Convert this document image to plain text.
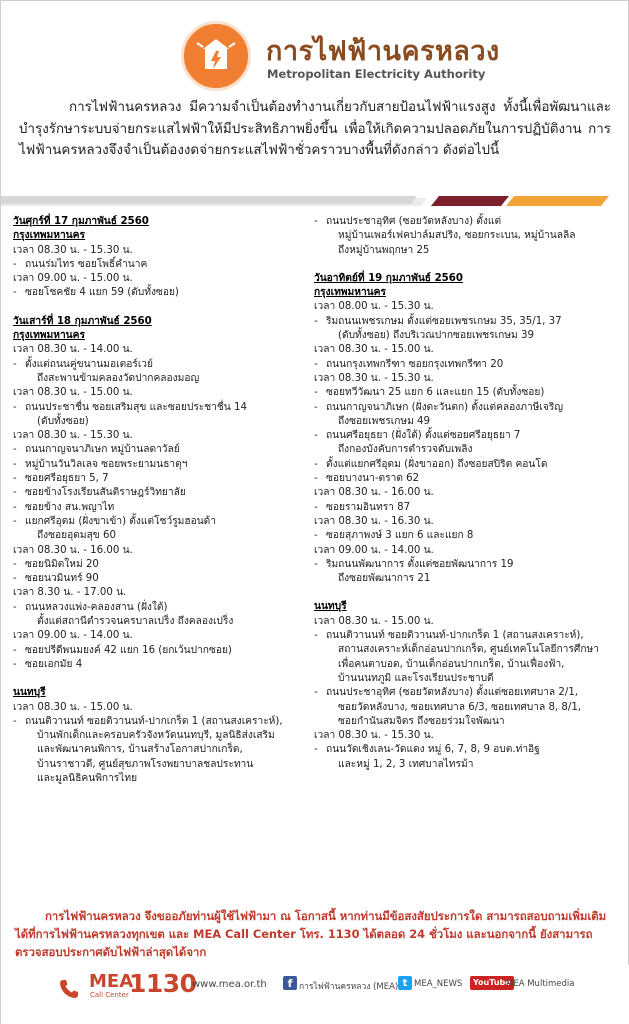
การไฟฟ้านครหลวง
Metropolitan Electricity Authority
การไฟฟ้านครหลวง มีความจำเป็นต้องทำงานเกี่ยวกับสายป้อนไฟฟ้าแรงสูง ทั้งนี้เพื่อพัฒนาและบำรุงรักษาระบบจ่ายกระแสไฟฟ้าให้มีประสิทธิภาพยิ่งขึ้น เพื่อให้เกิดความปลอดภัยในการปฏิบัติงาน การไฟฟ้านครหลวงจึงจำเป็นต้องงดจ่ายกระแสไฟฟ้าชั่วคราวบางพื้นที่ดังกล่าว ดังต่อไปนี้
วันศุกร์ที่ 17 กุมภาพันธ์ 2560
กรุงเทพมหานคร
เวลา 08.30 น. - 15.30 น.
- ถนนร่มไทร ซอยโพธิ์คำนาค
เวลา 09.00 น. - 15.00 น.
- ซอยโชคชัย 4 แยก 59 (ดับทั้งซอย)
วันเสาร์ที่ 18 กุมภาพันธ์ 2560
กรุงเทพมหานคร
เวลา 08.30 น. - 14.00 น.
- ตั้งแต่ถนนคู่ขนานมอเตอร์เวย์
ถึงสะพานข้ามคลองวัดปากคลองมอญ
เวลา 08.30 น. - 15.00 น.
- ถนนประชาชื่น ซอยเสริมสุข และซอยประชาชื่น 14
(ดับทั้งซอย)
เวลา 08.30 น. - 15.30 น.
- ถนนกาญจนาภิเษก หมู่บ้านลดาวัลย์
- หมู่บ้านวันวิลเลจ ซอยพระยามนธาตุฯ
- ซอยศรีอยุธยา 5, 7
- ซอยข้างโรงเรียนสันติราษฎร์วิทยาลัย
- ซอยข้าง สน.พญาไท
- แยกศรีอุดม (ฝั่งขาเข้า) ตั้งแต่โชว์รูมฮอนด้า
ถึงซอยอุดมสุข 60
เวลา 08.30 น. - 16.00 น.
- ซอยนิมิตใหม่ 20
- ซอยนวมินทร์ 90
เวลา 8.30 น. - 17.00 น.
- ถนนหลวงแพ่ง-คลองสาน (ฝั่งใต้)
ตั้งแต่สถานีตำรวจนครบาลเปร็ง ถึงคลองเปร็ง
เวลา 09.00 น. - 14.00 น.
- ซอยปรีดีพนมยงค์ 42 แยก 16 (ยกเว้นปากซอย)
- ซอยเอกมัย 4
นนทบุรี
เวลา 08.30 น. - 15.00 น.
- ถนนติวานนท์ ซอยติวานนท์-ปากเกร็ด 1 (สถานสงเคราะห์),
บ้านพักเด็กและครอบครัวจังหวัดนนทบุรี, มูลนิธิส่งเสริม
และพัฒนาคนพิการ, บ้านสร้างโอกาสปากเกร็ด,
บ้านราชาวดี, ศูนย์สุขภาพโรงพยาบาลชลประทาน
และมูลนิธิคนพิการไทย
- ถนนประชาอุทิศ (ซอยวัดหลังบาง) ตั้งแต่
หมู่บ้านเพอร์เฟคปาล์มสปริง, ซอยกระเบน, หมู่บ้านลลิล
ถึงหมู่บ้านพฤกษา 25
วันอาทิตย์ที่ 19 กุมภาพันธ์ 2560
กรุงเทพมหานคร
เวลา 08.00 น. - 15.30 น.
- ริมถนนเพชรเกษม ตั้งแต่ซอยเพชรเกษม 35, 35/1, 37
(ดับทั้งซอย) ถึงบริเวณปากซอยเพชรเกษม 39
เวลา 08.30 น. - 15.00 น.
- ถนนกรุงเทพกรีฑา ซอยกรุงเทพกรีฑา 20
เวลา 08.30 น. - 15.30 น.
- ซอยทวีวัฒนา 25 แยก 6 และแยก 15 (ดับทั้งซอย)
- ถนนกาญจนาภิเษก (ฝั่งตะวันตก) ตั้งแต่คลองภาษีเจริญ
ถึงซอยเพชรเกษม 49
- ถนนศรีอยุธยา (ฝั่งใต้) ตั้งแต่ซอยศรีอยุธยา 7
ถึงกองบังคับการตำรวจดับเพลิง
- ตั้งแต่แยกศรีอุดม (ฝั่งขาออก) ถึงซอยสปิริต คอนโด
- ซอยบางนา-ตราด 62
เวลา 08.30 น. - 16.00 น.
- ซอยรามอินทรา 87
เวลา 08.30 น. - 16.30 น.
- ซอยสุภาพงษ์ 3 แยก 6 และแยก 8
เวลา 09.00 น. - 14.00 น.
- ริมถนนพัฒนาการ ตั้งแต่ซอยพัฒนาการ 19
ถึงซอยพัฒนาการ 21
นนทบุรี
เวลา 08.30 น. - 15.00 น.
- ถนนติวานนท์ ซอยติวานนท์-ปากเกร็ด 1 (สถานสงเคราะห์),
สถานสงเคราะห์เด็กอ่อนปากเกร็ด, ศูนย์เทคโนโลยีการศึกษา
เพื่อคนตาบอด, บ้านเด็กอ่อนปากเกร็ด, บ้านเฟื่องฟ้า,
บ้านนนทภูมิ และโรงเรียนประชาบดี
- ถนนประชาอุทิศ (ซอยวัดหลังบาง) ตั้งแต่ซอยเทศบาล 2/1,
ซอยวัดหลังบาง, ซอยเทศบาล 6/3, ซอยเทศบาล 8, 8/1,
ซอยกำนันสมจิตร ถึงซอยร่วมใจพัฒนา
เวลา 08.30 น. - 15.30 น.
- ถนนวัดเชิงเลน-วัดแดง หมู่ 6, 7, 8, 9 อบต.ท่าอิฐ
และหมู่ 1, 2, 3 เทศบาลไทรม้า
การไฟฟ้านครหลวง จึงขออภัยท่านผู้ใช้ไฟฟ้ามา ณ โอกาสนี้ หากท่านมีข้อสงสัยประการใด สามารถสอบถามเพิ่มเติมได้ที่การไฟฟ้านครหลวงทุกเขต และ MEA Call Center โทร. 1130 ได้ตลอด 24 ชั่วโมง และนอกจากนี้ ยังสามารถตรวจสอบประกาศดับไฟฟ้าล่าสุดได้จาก
MEA
Call Center 1130
www.mea.or.th	f การไฟฟ้านครหลวง (MEA) t MEA_NEWS	YouTube
MEA Multimedia
